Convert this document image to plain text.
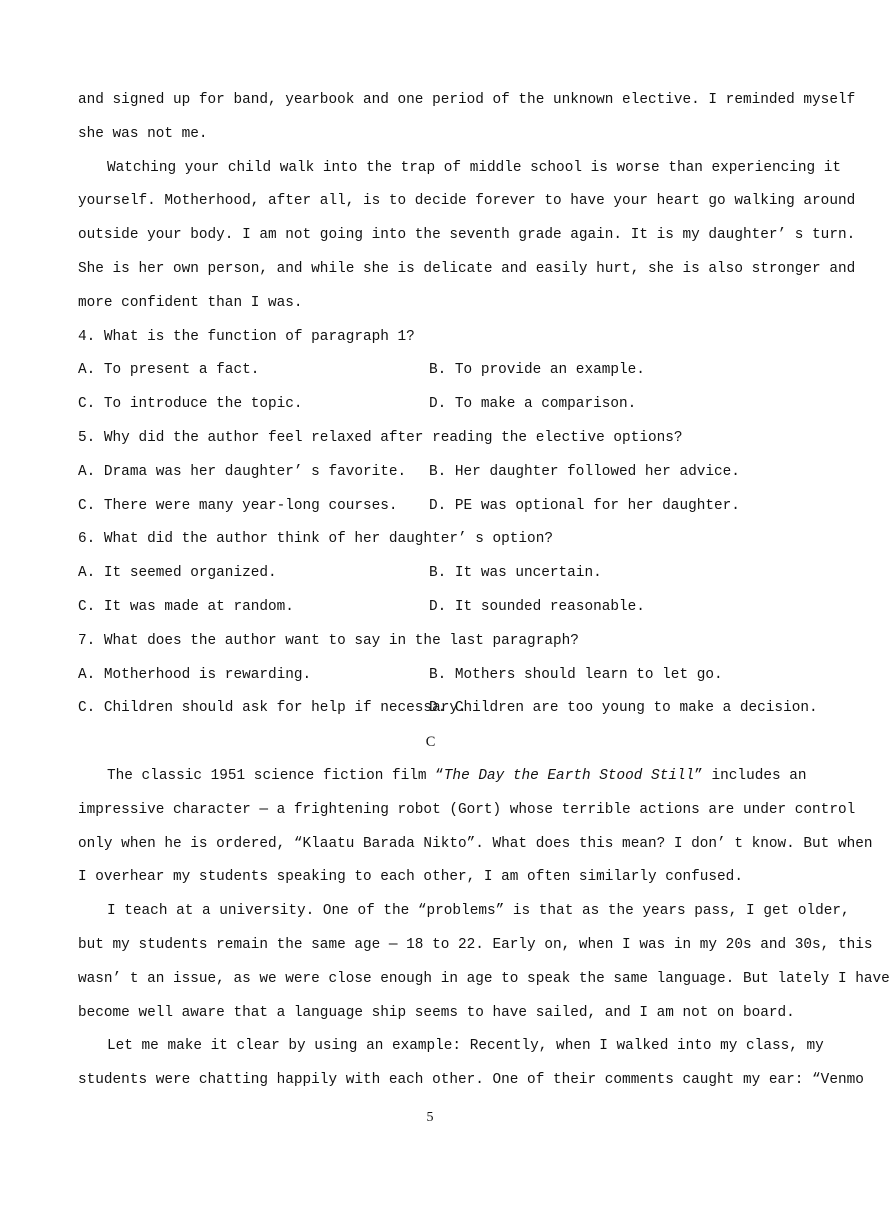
and signed up for band, yearbook and one period of the unknown elective. I reminded myself
she was not me.
Watching your child walk into the trap of middle school is worse than experiencing it
yourself. Motherhood, after all, is to decide forever to have your heart go walking around
outside your body. I am not going into the seventh grade again. It is my daughter’ s turn.
She is her own person, and while she is delicate and easily hurt, she is also stronger and
more confident than I was.
4. What is the function of paragraph 1?
A. To present a fact.	B. To provide an example.
C. To introduce the topic.	D. To make a comparison.
5. Why did the author feel relaxed after reading the elective options?
A. Drama was her daughter’ s favorite.	B. Her daughter followed her advice.
C. There were many year-long courses.	D. PE was optional for her daughter.
6. What did the author think of her daughter’ s option?
A. It seemed organized.	B. It was uncertain.
C. It was made at random.	D. It sounded reasonable.
7. What does the author want to say in the last paragraph?
A. Motherhood is rewarding.	B. Mothers should learn to let go.
C. Children should ask for help if necessary.
D. Children are too young to make a decision.
C
The classic 1951 science fiction film “The Day the Earth Stood Still” includes an
impressive character — a frightening robot (Gort) whose terrible actions are under control
only when he is ordered, “Klaatu Barada Nikto”. What does this mean? I don’ t know. But when
I overhear my students speaking to each other, I am often similarly confused.
I teach at a university. One of the “problems” is that as the years pass, I get older,
but my students remain the same age — 18 to 22. Early on, when I was in my 20s and 30s, this
wasn’ t an issue, as we were close enough in age to speak the same language. But lately I have
become well aware that a language ship seems to have sailed, and I am not on board.
Let me make it clear by using an example: Recently, when I walked into my class, my
students were chatting happily with each other. One of their comments caught my ear: “Venmo
5
